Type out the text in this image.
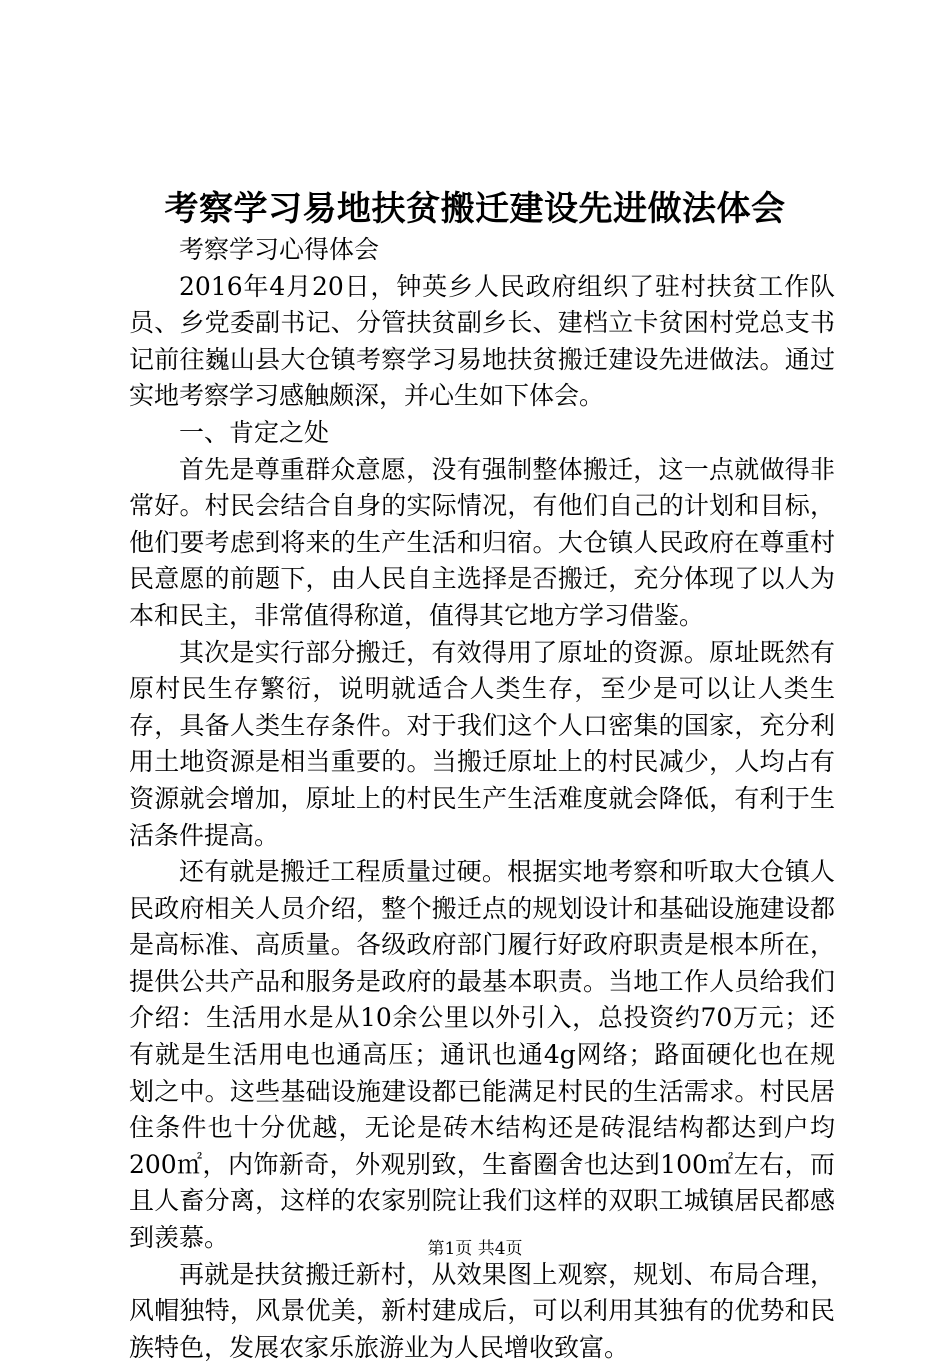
考察学习易地扶贫搬迁建设先进做法体会

考察学习心得体会

2016年4月20日，钟英乡人民政府组织了驻村扶贫工作队员、乡党委副书记、分管扶贫副乡长、建档立卡贫困村党总支书记前往巍山县大仓镇考察学习易地扶贫搬迁建设先进做法。通过实地考察学习感触颇深，并心生如下体会。

一、肯定之处

首先是尊重群众意愿，没有强制整体搬迁，这一点就做得非常好。村民会结合自身的实际情况，有他们自己的计划和目标，他们要考虑到将来的生产生活和归宿。大仓镇人民政府在尊重村民意愿的前题下，由人民自主选择是否搬迁，充分体现了以人为本和民主，非常值得称道，值得其它地方学习借鉴。

其次是实行部分搬迁，有效得用了原址的资源。原址既然有原村民生存繁衍，说明就适合人类生存，至少是可以让人类生存，具备人类生存条件。对于我们这个人口密集的国家，充分利用土地资源是相当重要的。当搬迁原址上的村民减少，人均占有资源就会增加，原址上的村民生产生活难度就会降低，有利于生活条件提高。

还有就是搬迁工程质量过硬。根据实地考察和听取大仓镇人民政府相关人员介绍，整个搬迁点的规划设计和基础设施建设都是高标准、高质量。各级政府部门履行好政府职责是根本所在，提供公共产品和服务是政府的最基本职责。当地工作人员给我们介绍：生活用水是从10余公里以外引入，总投资约70万元；还有就是生活用电也通高压；通讯也通4g网络；路面硬化也在规划之中。这些基础设施建设都已能满足村民的生活需求。村民居住条件也十分优越，无论是砖木结构还是砖混结构都达到户均200㎡，内饰新奇，外观别致，生畜圈舍也达到100㎡左右，而且人畜分离，这样的农家别院让我们这样的双职工城镇居民都感到羡慕。

再就是扶贫搬迁新村，从效果图上观察，规划、布局合理，风帽独特，风景优美，新村建成后，可以利用其独有的优势和民族特色，发展农家乐旅游业为人民增收致富。

第1页 共4页
